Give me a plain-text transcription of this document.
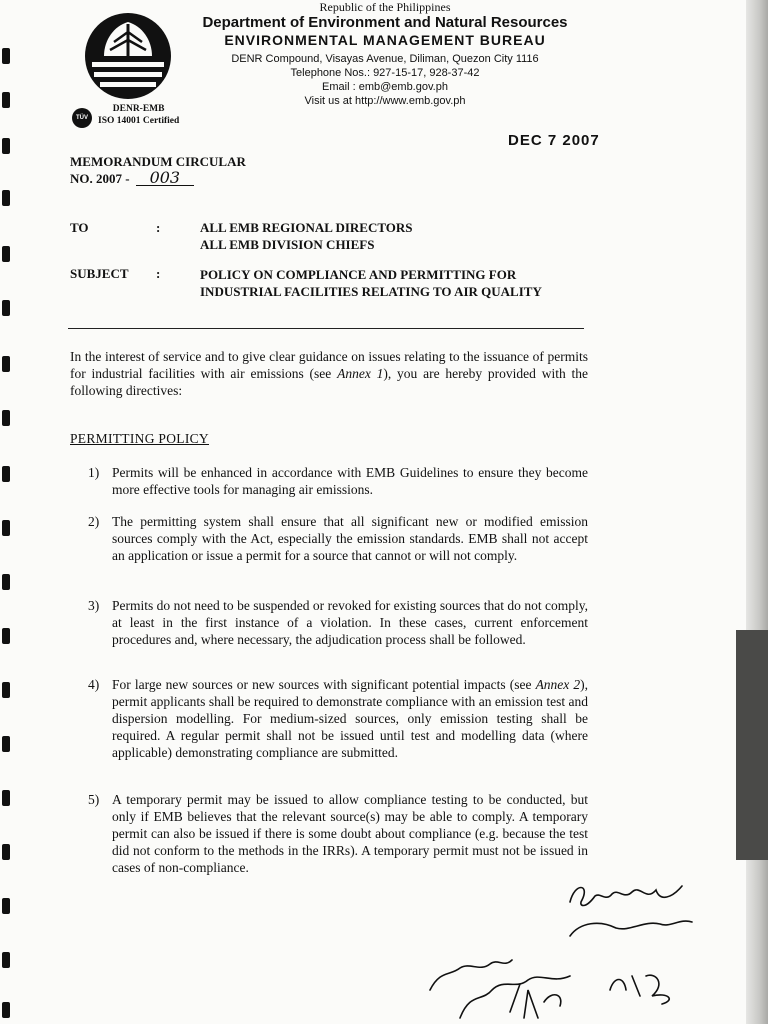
TÜV
DENR-EMB
ISO 14001 Certified
Republic of the Philippines
Department of Environment and Natural Resources
ENVIRONMENTAL MANAGEMENT BUREAU
DENR Compound, Visayas Avenue, Diliman, Quezon City 1116
Telephone Nos.: 927-15-17, 928-37-42
Email : emb@emb.gov.ph
Visit us at http://www.emb.gov.ph
DEC 7 2007
MEMORANDUM CIRCULAR
NO. 2007 - 003
TO	:	ALL EMB REGIONAL DIRECTORS
ALL EMB DIVISION CHIEFS
SUBJECT :	POLICY ON COMPLIANCE AND PERMITTING FOR INDUSTRIAL FACILITIES RELATING TO AIR QUALITY
In the interest of service and to give clear guidance on issues relating to the issuance of permits for industrial facilities with air emissions (see Annex 1), you are hereby provided with the following directives:
PERMITTING POLICY
1) Permits will be enhanced in accordance with EMB Guidelines to ensure they become more effective tools for managing air emissions.
2) The permitting system shall ensure that all significant new or modified emission sources comply with the Act, especially the emission standards. EMB shall not accept an application or issue a permit for a source that cannot or will not comply.
3) Permits do not need to be suspended or revoked for existing sources that do not comply, at least in the first instance of a violation. In these cases, current enforcement procedures and, where necessary, the adjudication process shall be followed.
4) For large new sources or new sources with significant potential impacts (see Annex 2), permit applicants shall be required to demonstrate compliance with an emission test and dispersion modelling. For medium-sized sources, only emission testing shall be required. A regular permit shall not be issued until test and modelling data (where applicable) demonstrating compliance are submitted.
5) A temporary permit may be issued to allow compliance testing to be conducted, but only if EMB believes that the relevant source(s) may be able to comply. A temporary permit can also be issued if there is some doubt about compliance (e.g. because the test did not conform to the methods in the IRRs). A temporary permit must not be issued in cases of non-compliance.
